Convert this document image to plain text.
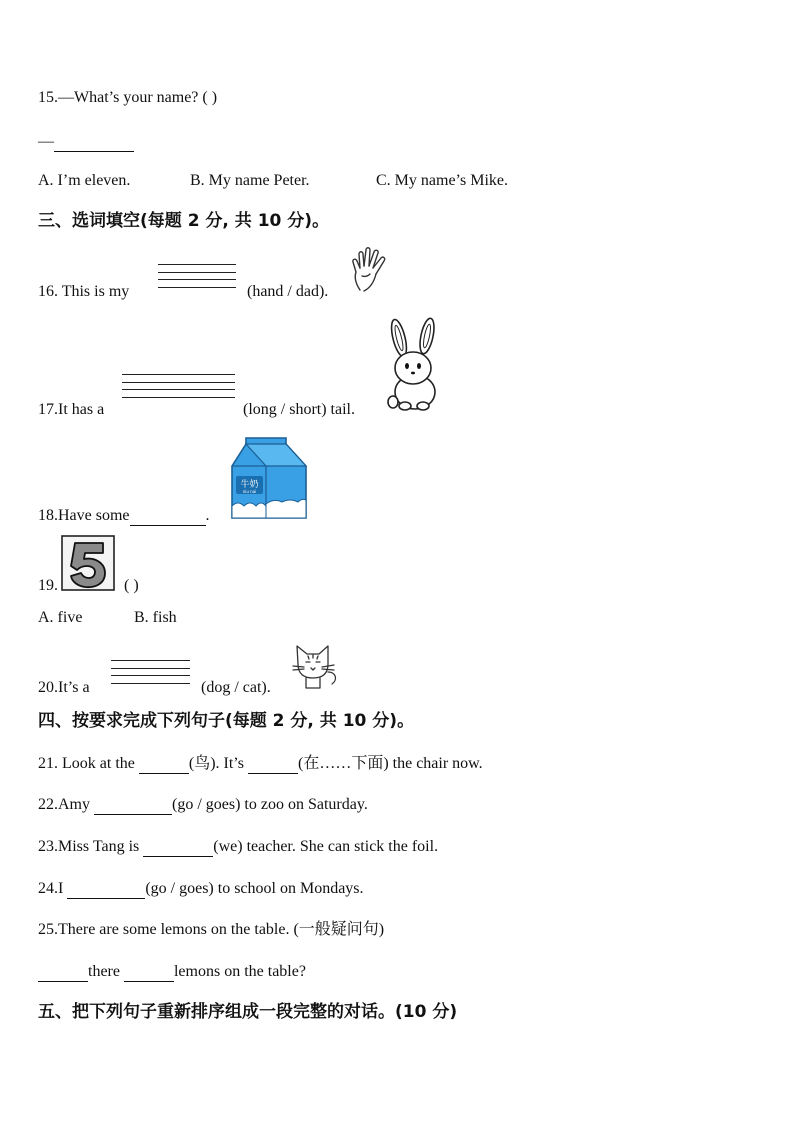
15.—What’s your name? ( )
—
A. I’m eleven.	B. My name Peter.	C. My name’s Mike.
三、选词填空(每题 2 分, 共 10 分)。
16. This is my	(hand / dad).
17.It has a	(long / short) tail.
18.Have some	.
牛奶
niu nai
19.	( )
A. five	B. fish
20.It’s a	(dog / cat).
四、按要求完成下列句子(每题 2 分, 共 10 分)。
21. Look at the	(鸟). It’s	(在……下面) the chair now.
22.Amy	(go / goes) to zoo on Saturday.
23.Miss Tang is	(we) teacher. She can stick the foil.
24.I	(go / goes) to school on Mondays.
25.There are some lemons on the table. (一般疑问句)
there	lemons on the table?
五、把下列句子重新排序组成一段完整的对话。(10 分)
